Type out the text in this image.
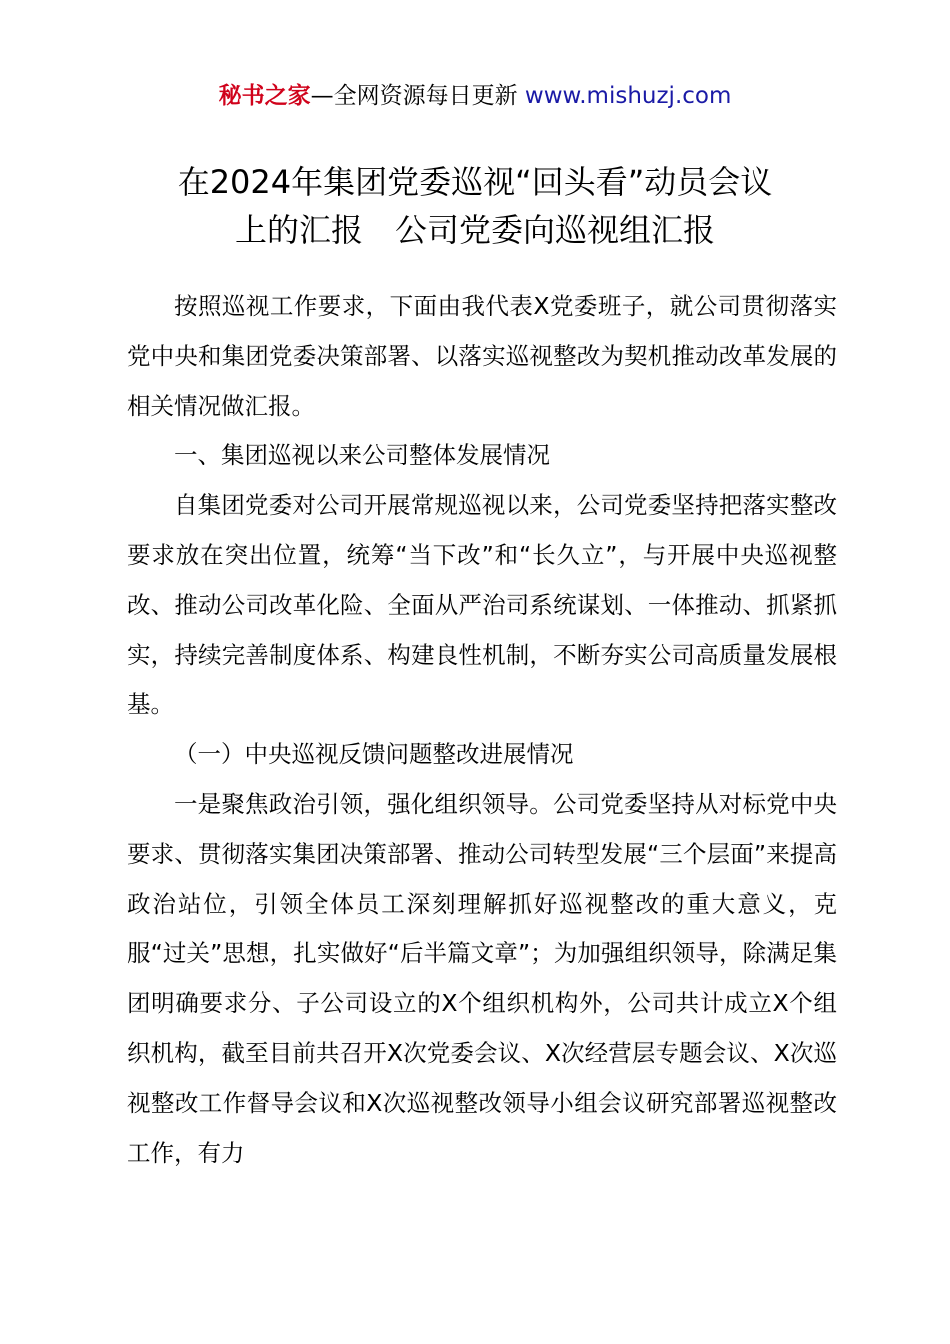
秘书之家—全网资源每日更新 www.mishuzj.com
在2024年集团党委巡视“回头看”动员会议
上的汇报　公司党委向巡视组汇报

按照巡视工作要求，下面由我代表X党委班子，就公司贯彻落实党中央和集团党委决策部署、以落实巡视整改为契机推动改革发展的相关情况做汇报。

一、集团巡视以来公司整体发展情况

自集团党委对公司开展常规巡视以来，公司党委坚持把落实整改要求放在突出位置，统筹“当下改”和“长久立”，与开展中央巡视整改、推动公司改革化险、全面从严治司系统谋划、一体推动、抓紧抓实，持续完善制度体系、构建良性机制，不断夯实公司高质量发展根基。

（一）中央巡视反馈问题整改进展情况

一是聚焦政治引领，强化组织领导。公司党委坚持从对标党中央要求、贯彻落实集团决策部署、推动公司转型发展“三个层面”来提高政治站位，引领全体员工深刻理解抓好巡视整改的重大意义，克服“过关”思想，扎实做好“后半篇文章”；为加强组织领导，除满足集团明确要求分、子公司设立的X个组织机构外，公司共计成立X个组织机构，截至目前共召开X次党委会议、X次经营层专题会议、X次巡视整改工作督导会议和X次巡视整改领导小组会议研究部署巡视整改工作，有力
